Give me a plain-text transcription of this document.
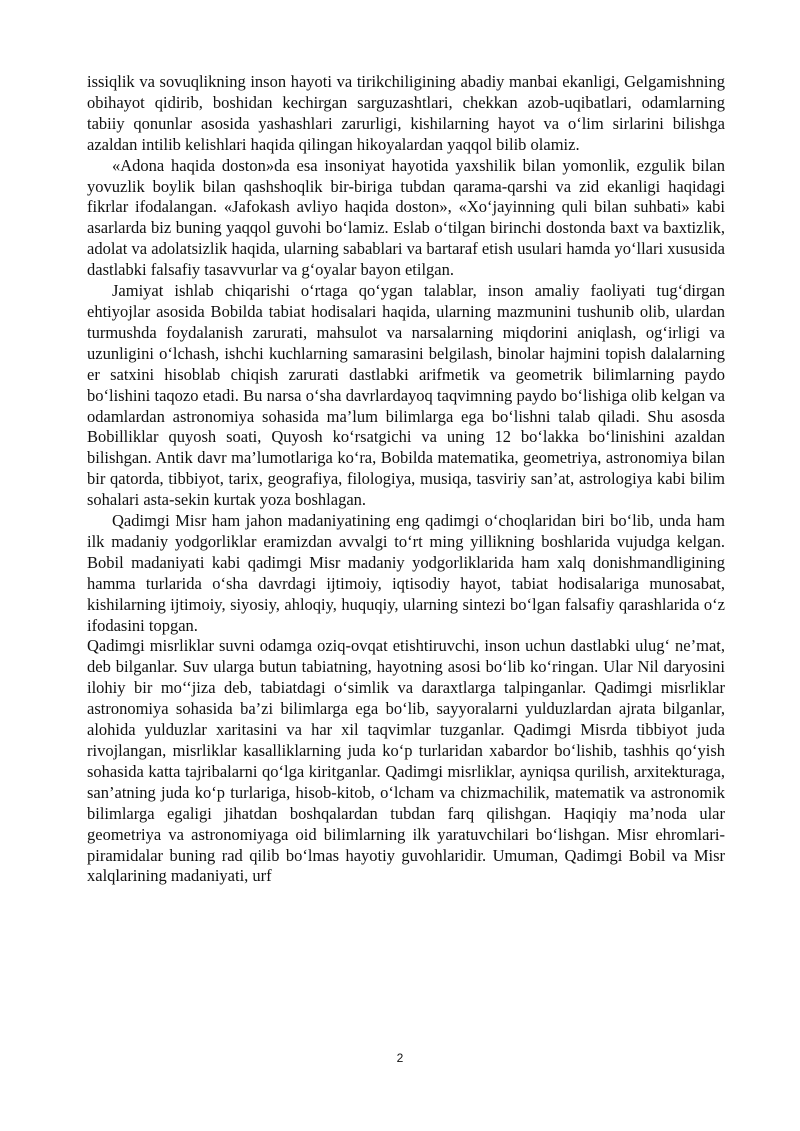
issiqlik va sovuqlikning inson hayoti va tirikchiligining abadiy manbai ekanligi, Gelgamishning obihayot qidirib, boshidan kechirgan sarguzashtlari, chekkan azob-uqibatlari, odamlarning tabiiy qonunlar asosida yashashlari zarurligi, kishilarning hayot va o‘lim sirlarini bilishga azaldan intilib kelishlari haqida qilingan hikoyalardan yaqqol bilib olamiz.

«Adona haqida doston»da esa insoniyat hayotida yaxshilik bilan yomonlik, ezgulik bilan yovuzlik boylik bilan qashshoqlik bir-biriga tubdan qarama-qarshi va zid ekanligi haqidagi fikrlar ifodalangan. «Jafokash avliyo haqida doston», «Xo‘jayinning quli bilan suhbati» kabi asarlarda biz buning yaqqol guvohi bo‘lamiz. Eslab o‘tilgan birinchi dostonda baxt va baxtizlik, adolat va adolatsizlik haqida, ularning sabablari va bartaraf etish usulari hamda yo‘llari xususida dastlabki falsafiy tasavvurlar va g‘oyalar bayon etilgan.

Jamiyat ishlab chiqarishi o‘rtaga qo‘ygan talablar, inson amaliy faoliyati tug‘dirgan ehtiyojlar asosida Bobilda tabiat hodisalari haqida, ularning mazmunini tushunib olib, ulardan turmushda foydalanish zarurati, mahsulot va narsalarning miqdorini aniqlash, og‘irligi va uzunligini o‘lchash, ishchi kuchlarning samarasini belgilash, binolar hajmini topish dalalarning er satxini hisoblab chiqish zarurati dastlabki arifmetik va geometrik bilimlarning paydo bo‘lishini taqozo etadi. Bu narsa o‘sha davrlardayoq taqvimning paydo bo‘lishiga olib kelgan va odamlardan astronomiya sohasida ma’lum bilimlarga ega bo‘lishni talab qiladi. Shu asosda Bobilliklar quyosh soati, Quyosh ko‘rsatgichi va uning 12 bo‘lakka bo‘linishini azaldan bilishgan. Antik davr ma’lumotlariga ko‘ra, Bobilda matematika, geometriya, astronomiya bilan bir qatorda, tibbiyot, tarix, geografiya, filologiya, musiqa, tasviriy san’at, astrologiya kabi bilim sohalari asta-sekin kurtak yoza boshlagan.

Qadimgi Misr ham jahon madaniyatining eng qadimgi o‘choqlaridan biri bo‘lib, unda ham ilk madaniy yodgorliklar eramizdan avvalgi to‘rt ming yillikning boshlarida vujudga kelgan. Bobil madaniyati kabi qadimgi Misr madaniy yodgorliklarida ham xalq donishmandligining hamma turlarida o‘sha davrdagi ijtimoiy, iqtisodiy hayot, tabiat hodisalariga munosabat, kishilarning ijtimoiy, siyosiy, ahloqiy, huquqiy, ularning sintezi bo‘lgan falsafiy qarashlarida o‘z ifodasini topgan.

Qadimgi misrliklar suvni odamga oziq-ovqat etishtiruvchi, inson uchun dastlabki ulug‘ ne’mat, deb bilganlar. Suv ularga butun tabiatning, hayotning asosi bo‘lib ko‘ringan. Ular Nil daryosini ilohiy bir mo‘‘jiza deb, tabiatdagi o‘simlik va daraxtlarga talpinganlar. Qadimgi misrliklar astronomiya sohasida ba’zi bilimlarga ega bo‘lib, sayyoralarni yulduzlardan ajrata bilganlar, alohida yulduzlar xaritasini va har xil taqvimlar tuzganlar. Qadimgi Misrda tibbiyot juda rivojlangan, misrliklar kasalliklarning juda ko‘p turlaridan xabardor bo‘lishib, tashhis qo‘yish sohasida katta tajribalarni qo‘lga kiritganlar. Qadimgi misrliklar, ayniqsa qurilish, arxitekturaga, san’atning juda ko‘p turlariga, hisob-kitob, o‘lcham va chizmachilik, matematik va astronomik bilimlarga egaligi jihatdan boshqalardan tubdan farq qilishgan. Haqiqiy ma’noda ular geometriya va astronomiyaga oid bilimlarning ilk yaratuvchilari bo‘lishgan. Misr ehromlari-piramidalar buning rad qilib bo‘lmas hayotiy guvohlaridir. Umuman, Qadimgi Bobil va Misr xalqlarining madaniyati, urf

2
